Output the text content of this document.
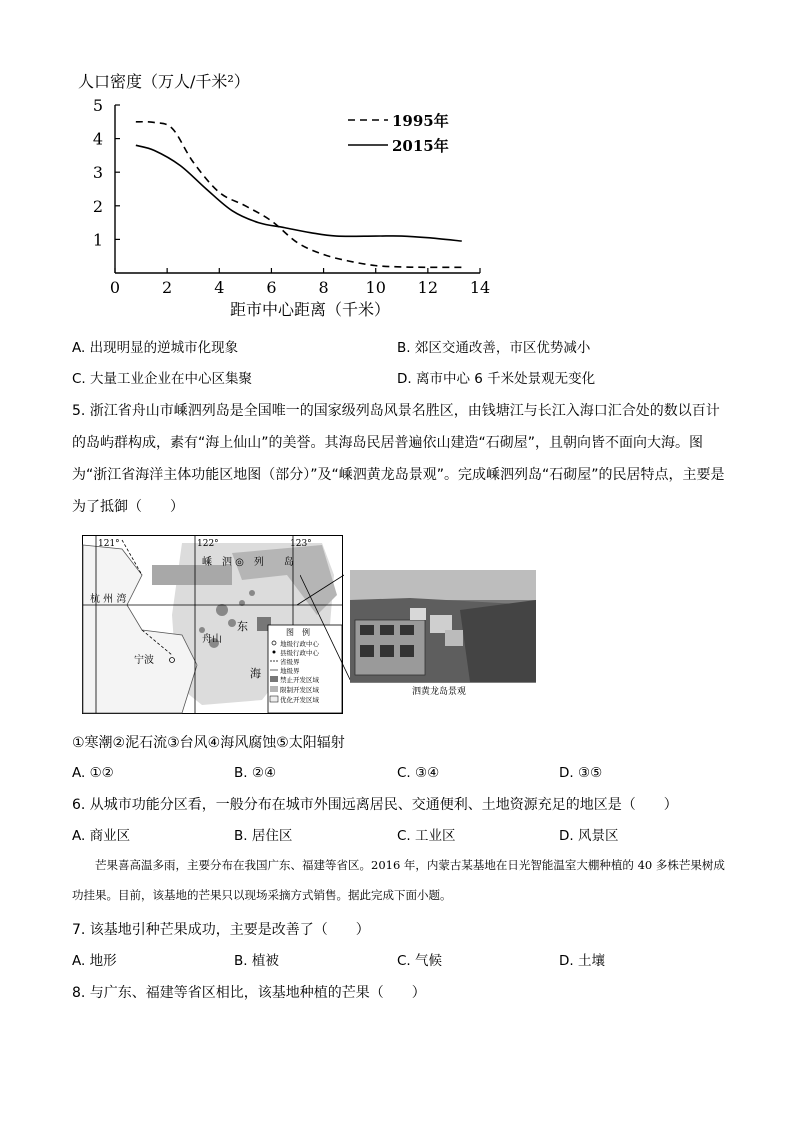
人口密度（万人/千米²）
1
2
3
4
5
0	2	4	6	8 10 12 14
1995年
2015年
距市中心距离（千米）
A. 出现明显的逆城市化现象	B. 郊区交通改善，市区优势减小
C. 大量工业企业在中心区集聚	D. 离市中心 6 千米处景观无变化
5. 浙江省舟山市嵊泗列岛是全国唯一的国家级列岛风景名胜区，由钱塘江与长江入海口汇合处的数以百计的岛屿群构成，素有“海上仙山”的美誉。其海岛民居普遍依山建造“石砌屋”，且朝向皆不面向大海。图为“浙江省海洋主体功能区地图（部分）”及“嵊泗黄龙岛景观”。完成嵊泗列岛“石砌屋”的民居特点，主要是为了抵御（　　）
121°	122°	123°
嵊　泗 ◎　列　　岛
杭 州 湾
舟山
宁波
东
海
图　例
地级行政中心
县级行政中心
省级界
地级界
禁止开发区域
限制开发区域
优化开发区域
泗黄龙岛景观
①寒潮②泥石流③台风④海风腐蚀⑤太阳辐射
A. ①②	B. ②④	C. ③④	D. ③⑤
6. 从城市功能分区看，一般分布在城市外围远离居民、交通便利、土地资源充足的地区是（　　）
A. 商业区	B. 居住区	C. 工业区	D. 风景区
芒果喜高温多雨，主要分布在我国广东、福建等省区。2016 年，内蒙古某基地在日光智能温室大棚种植的 40 多株芒果树成功挂果。目前，该基地的芒果只以现场采摘方式销售。据此完成下面小题。
7. 该基地引种芒果成功，主要是改善了（　　）
A. 地形	B. 植被	C. 气候	D. 土壤
8. 与广东、福建等省区相比，该基地种植的芒果（　　）
